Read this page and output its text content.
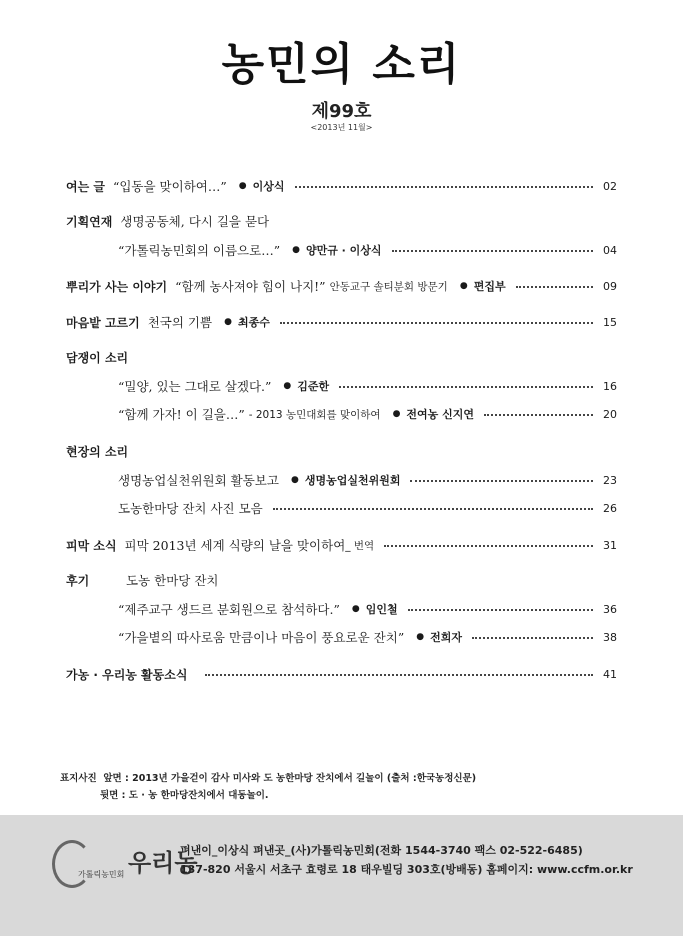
농민의 소리
제99호
<2013년 11월>
여는 글 “입동을 맞이하여…” ● 이상식	02
기획연재 생명공동체, 다시 길을 묻다
“가톨릭농민회의 이름으로…” ● 양만규 · 이상식	04
뿌리가 사는 이야기 “함께 농사져야 힘이 나지!” 안동교구 솔티분회 방문기 ● 편집부	09
마음밭 고르기 천국의 기쁨 ● 최종수	15
담쟁이 소리
“밀양, 있는 그대로 살겠다.” ● 김준한	16
“함께 가자! 이 길을…” - 2013 농민대회를 맞이하여 ● 전여농 신지연	20
현장의 소리
생명농업실천위원회 활동보고 ● 생명농업실천위원회	23
도농한마당 잔치 사진 모음	26
피막 소식 피막 2013년 세계 식량의 날을 맞이하여 _ 번역	31
후기	도농 한마당 잔치
“제주교구 생드르 분회원으로 참석하다.” ● 임인철	36
“가을볕의 따사로움 만큼이나 마음이 풍요로운 잔치” ● 전희자	38
가농 · 우리농 활동소식	41
표지사진 앞면 : 2013년 가을걷이 감사 미사와 도 농한마당 잔치에서 길놀이 (출처 :한국농정신문)
뒷면 : 도 · 농 한마당잔치에서 대동놀이.
가톨릭농민회 우리농
펴낸이_이상식 펴낸곳_(사)가톨릭농민회(전화 1544-3740 팩스 02-522-6485)
137-820 서울시 서초구 효령로 18 태우빌딩 303호(방배동) 홈페이지: www.ccfm.or.kr
